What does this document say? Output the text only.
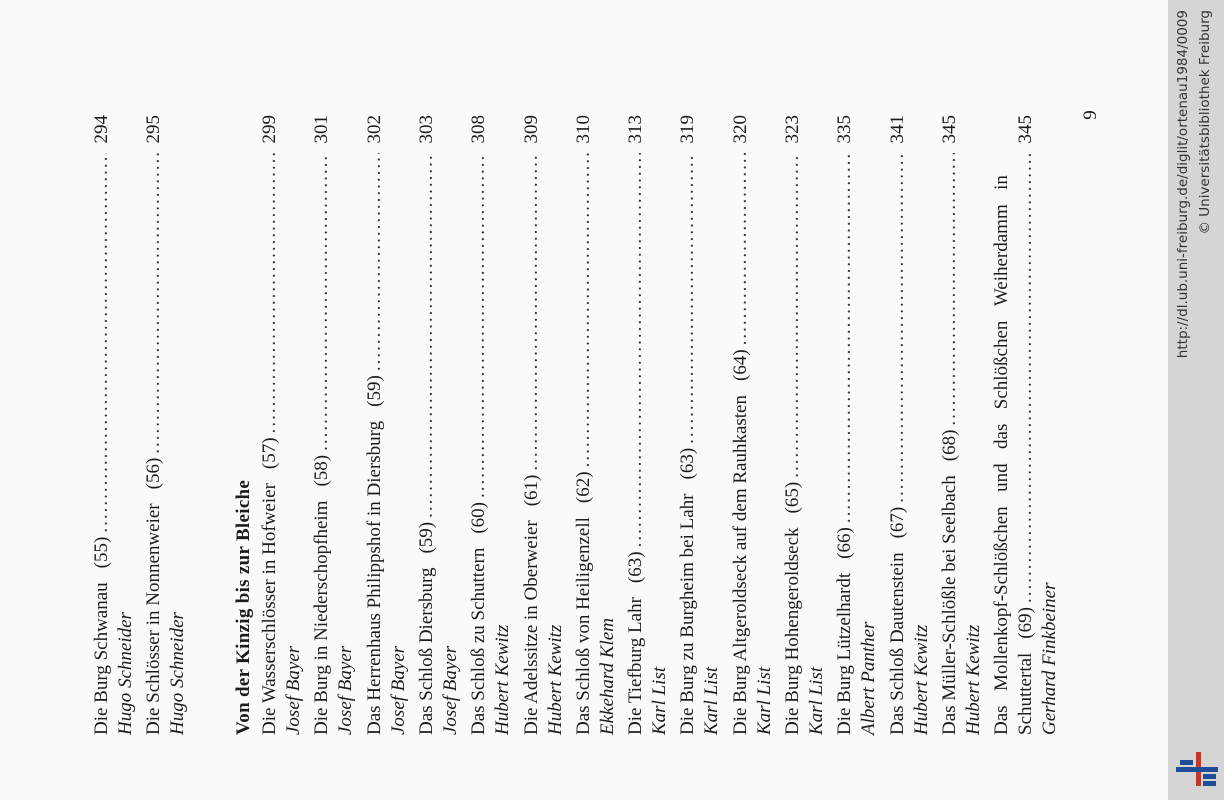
Die Burg Schwanau
(55)
.....
294
Hugo Schneider Die Schlösser in Nonnenweier
(56)
.....
295
Hugo Schneider Von der Kinzig bis zur Bleiche Die Wasserschlösser in Hofweier
(57)
.....
299
Josef Bayer Die Burg in Niederschopfheim
(58)
.....
301
Josef Bayer Das Herrenhaus Philippshof in Diersburg
(59)
.....
302
Josef Bayer Das Schloß Diersburg
(59)
.....
303
Josef Bayer Das Schloß zu Schuttern
(60)
.....
308
Hubert Kewitz Die Adelssitze in Oberweier
(61)
.....
309
Hubert Kewitz Das Schloß von Heiligenzell
(62)
.....
310
Ekkehard Klem Die Tiefburg Lahr
(63)
.....
313
Karl List Die Burg zu Burgheim bei Lahr
(63)
.....
319
Karl List Die Burg Altgeroldseck auf dem Rauhkasten
(64)
.....
320
Karl List Die Burg Hohengeroldseck
(65)
.....
323
Karl List Die Burg Lützelhardt
(66)
.....
335
Albert Panther Das Schloß Dautenstein
(67)
.....
341
Hubert Kewitz Das Müller-Schlößle bei Seelbach
(68)
.....
345
Hubert Kewitz Das
Mollenkopf-Schlößchen
und
das
Schlößchen
Weiherdamm
in
Schuttertal
(69)
.....
345
Gerhard Finkbeiner
9	http://dl.ub.uni-freiburg.de/diglit/ortenau1984/0009 © Universitätsbibliothek Freiburg
